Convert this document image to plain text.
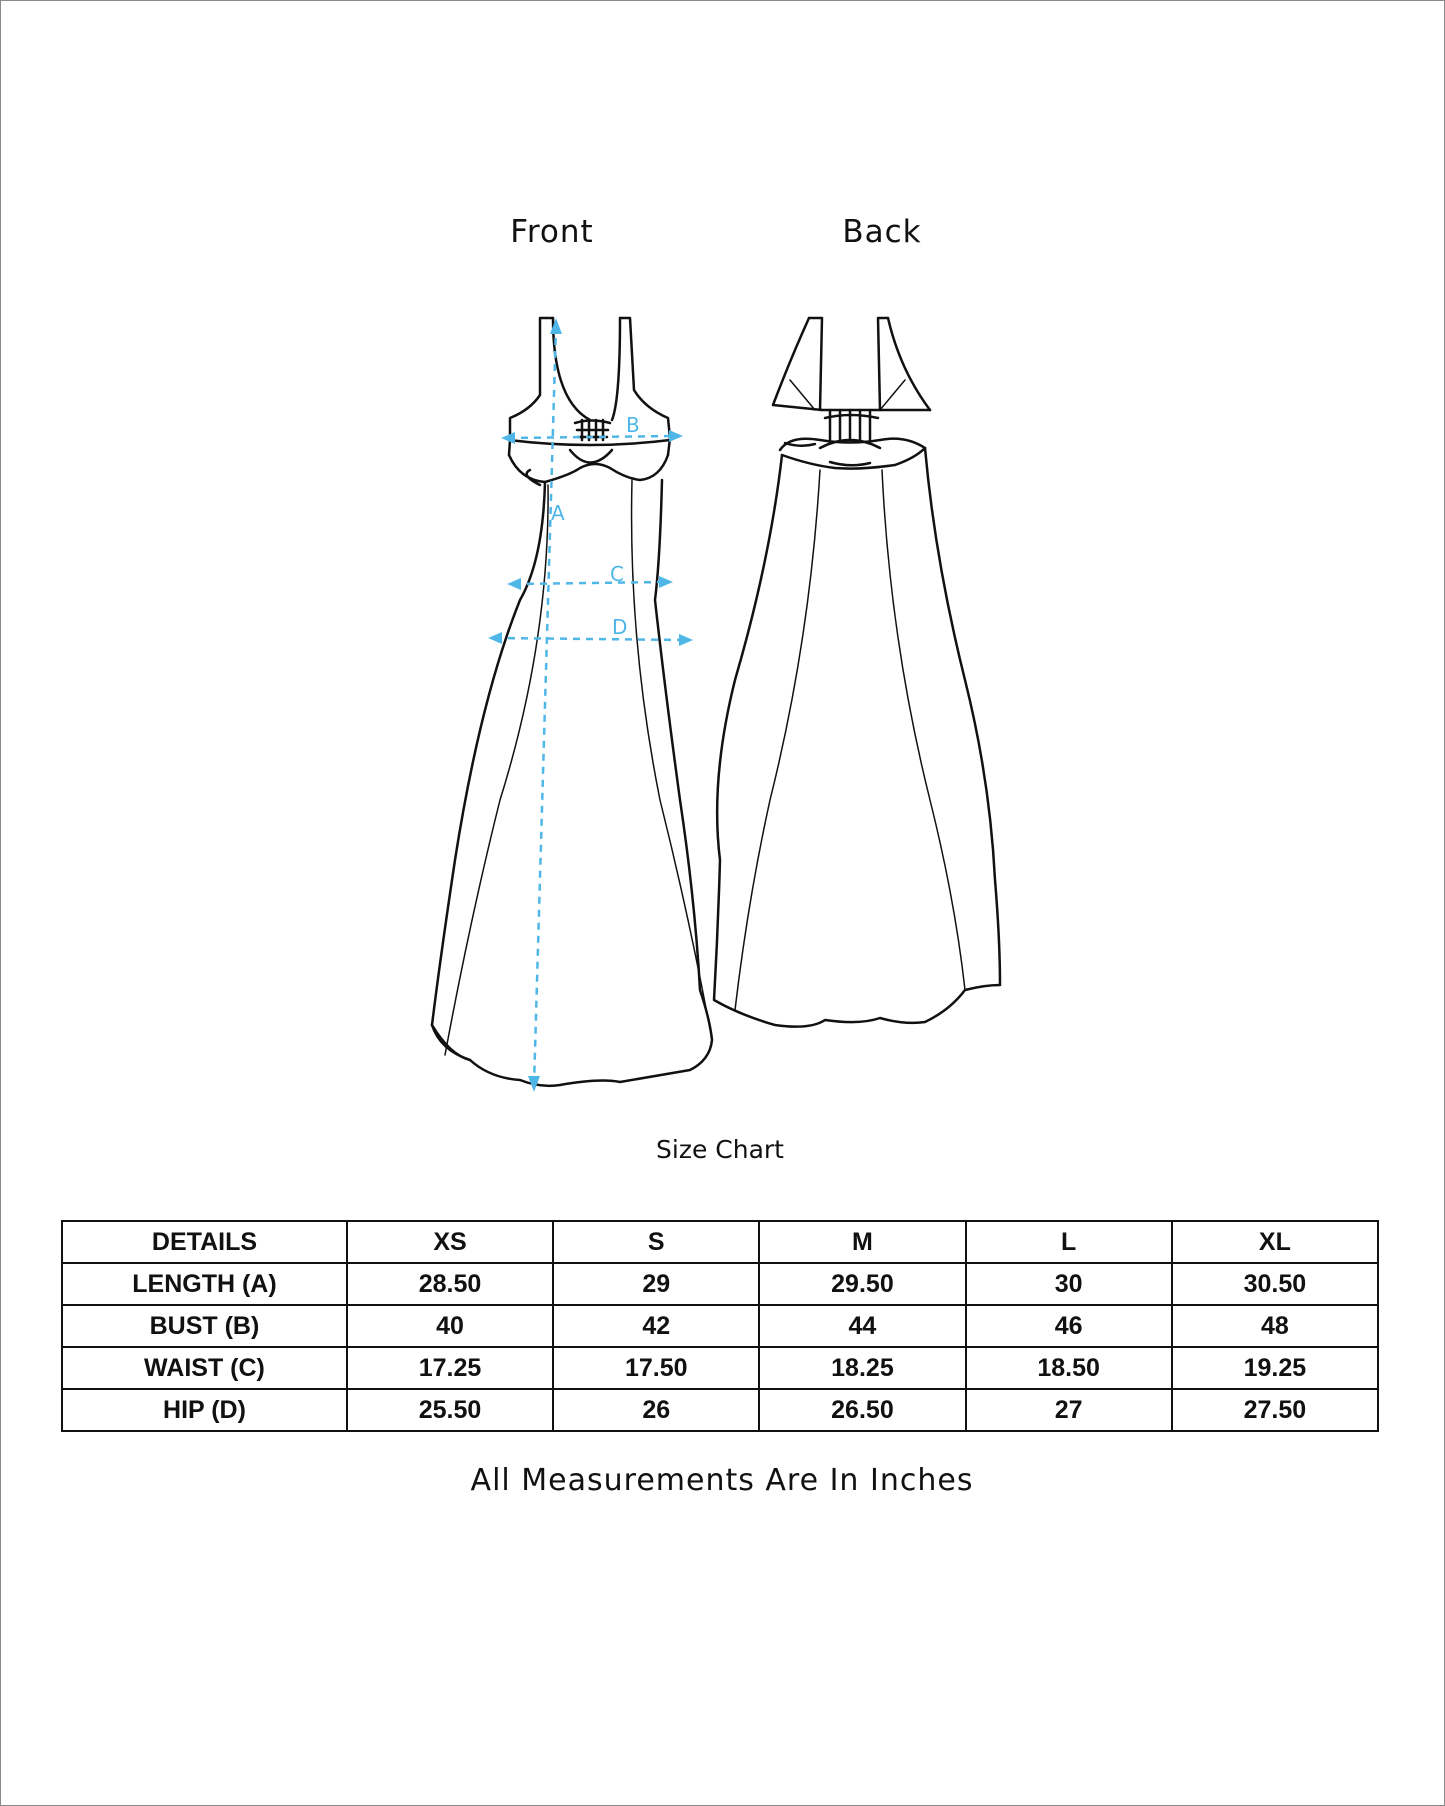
Front	Back
A
B
C
D
Size Chart
DETAILS	XS	S	M	L	XL
LENGTH (A)	28.50	29	29.50	30	30.50
BUST (B)	40	42	44	46	48
WAIST (C)	17.25	17.50	18.25	18.50	19.25
HIP (D)	25.50	26	26.50	27	27.50
All Measurements Are In Inches
